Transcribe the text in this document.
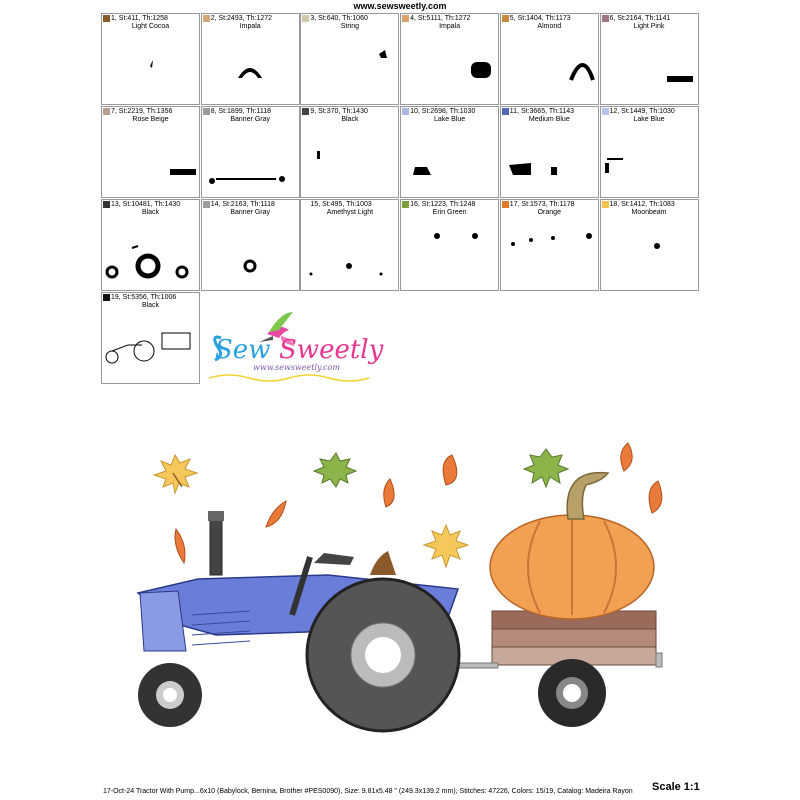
www.sewsweetly.com
1, St:411, Th:1258
Light Cocoa
2, St:2493, Th:1272
Impala
3, St:640, Th:1060
String
4, St:5111, Th:1272
Impala
5, St:1404, Th:1173
Almond
6, St:2164, Th:1141
Light Pink
7, St:2219, Th:1356
Rose Beige
8, St:1899, Th:1118
Banner Gray
9, St:370, Th:1430
Black
10, St:2698, Th:1030
Lake Blue
11, St:3665, Th:1143
Medium Blue
12, St:1449, Th:1030
Lake Blue
13, St:10481, Th:1430
Black
14, St:2163, Th:1118
Banner Gray
15, St:495, Th:1003
Amethyst Light
16, St:1223, Th:1248
Erin Green
17, St:1573, Th:1178
Orange
18, St:1412, Th:1083
Moonbeam
19, St:5356, Th:1006
Black
Sew Sweetly
www.sewsweetly.com
17-Oct-24 Tractor With Pump...6x10 (Babylock, Bernina, Brother #PES0090), Size: 9.81x5.48 " (249.3x139.2 mm), Stitches: 47226, Colors: 15/19, Catalog: Madeira Rayon Scale 1:1
